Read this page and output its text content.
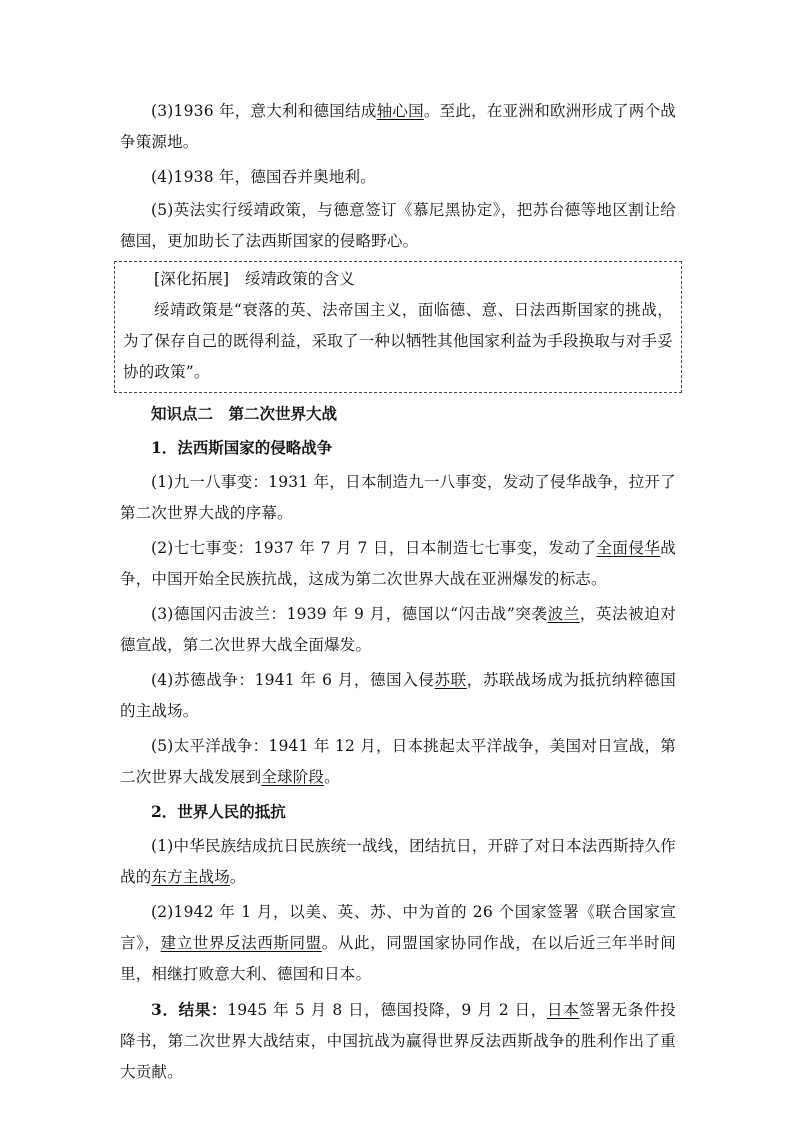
(3)1936 年，意大利和德国结成轴心国。至此，在亚洲和欧洲形成了两个战争策源地。

(4)1938 年，德国吞并奥地利。

(5)英法实行绥靖政策，与德意签订《慕尼黑协定》，把苏台德等地区割让给德国，更加助长了法西斯国家的侵略野心。

[深化拓展]　绥靖政策的含义

绥靖政策是“衰落的英、法帝国主义，面临德、意、日法西斯国家的挑战，为了保存自己的既得利益，采取了一种以牺牲其他国家利益为手段换取与对手妥协的政策”。

知识点二　第二次世界大战

1．法西斯国家的侵略战争

(1)九一八事变：1931 年，日本制造九一八事变，发动了侵华战争，拉开了第二次世界大战的序幕。

(2)七七事变：1937 年 7 月 7 日，日本制造七七事变，发动了全面侵华战争，中国开始全民族抗战，这成为第二次世界大战在亚洲爆发的标志。

(3)德国闪击波兰：1939 年 9 月，德国以“闪击战”突袭波兰，英法被迫对德宣战，第二次世界大战全面爆发。

(4)苏德战争：1941 年 6 月，德国入侵苏联，苏联战场成为抵抗纳粹德国的主战场。

(5)太平洋战争：1941 年 12 月，日本挑起太平洋战争，美国对日宣战，第二次世界大战发展到全球阶段。

2．世界人民的抵抗

(1)中华民族结成抗日民族统一战线，团结抗日，开辟了对日本法西斯持久作战的东方主战场。

(2)1942 年 1 月，以美、英、苏、中为首的 26 个国家签署《联合国家宣言》，建立世界反法西斯同盟。从此，同盟国家协同作战，在以后近三年半时间里，相继打败意大利、德国和日本。

3．结果：1945 年 5 月 8 日，德国投降，9 月 2 日，日本签署无条件投降书，第二次世界大战结束，中国抗战为赢得世界反法西斯战争的胜利作出了重大贡献。
